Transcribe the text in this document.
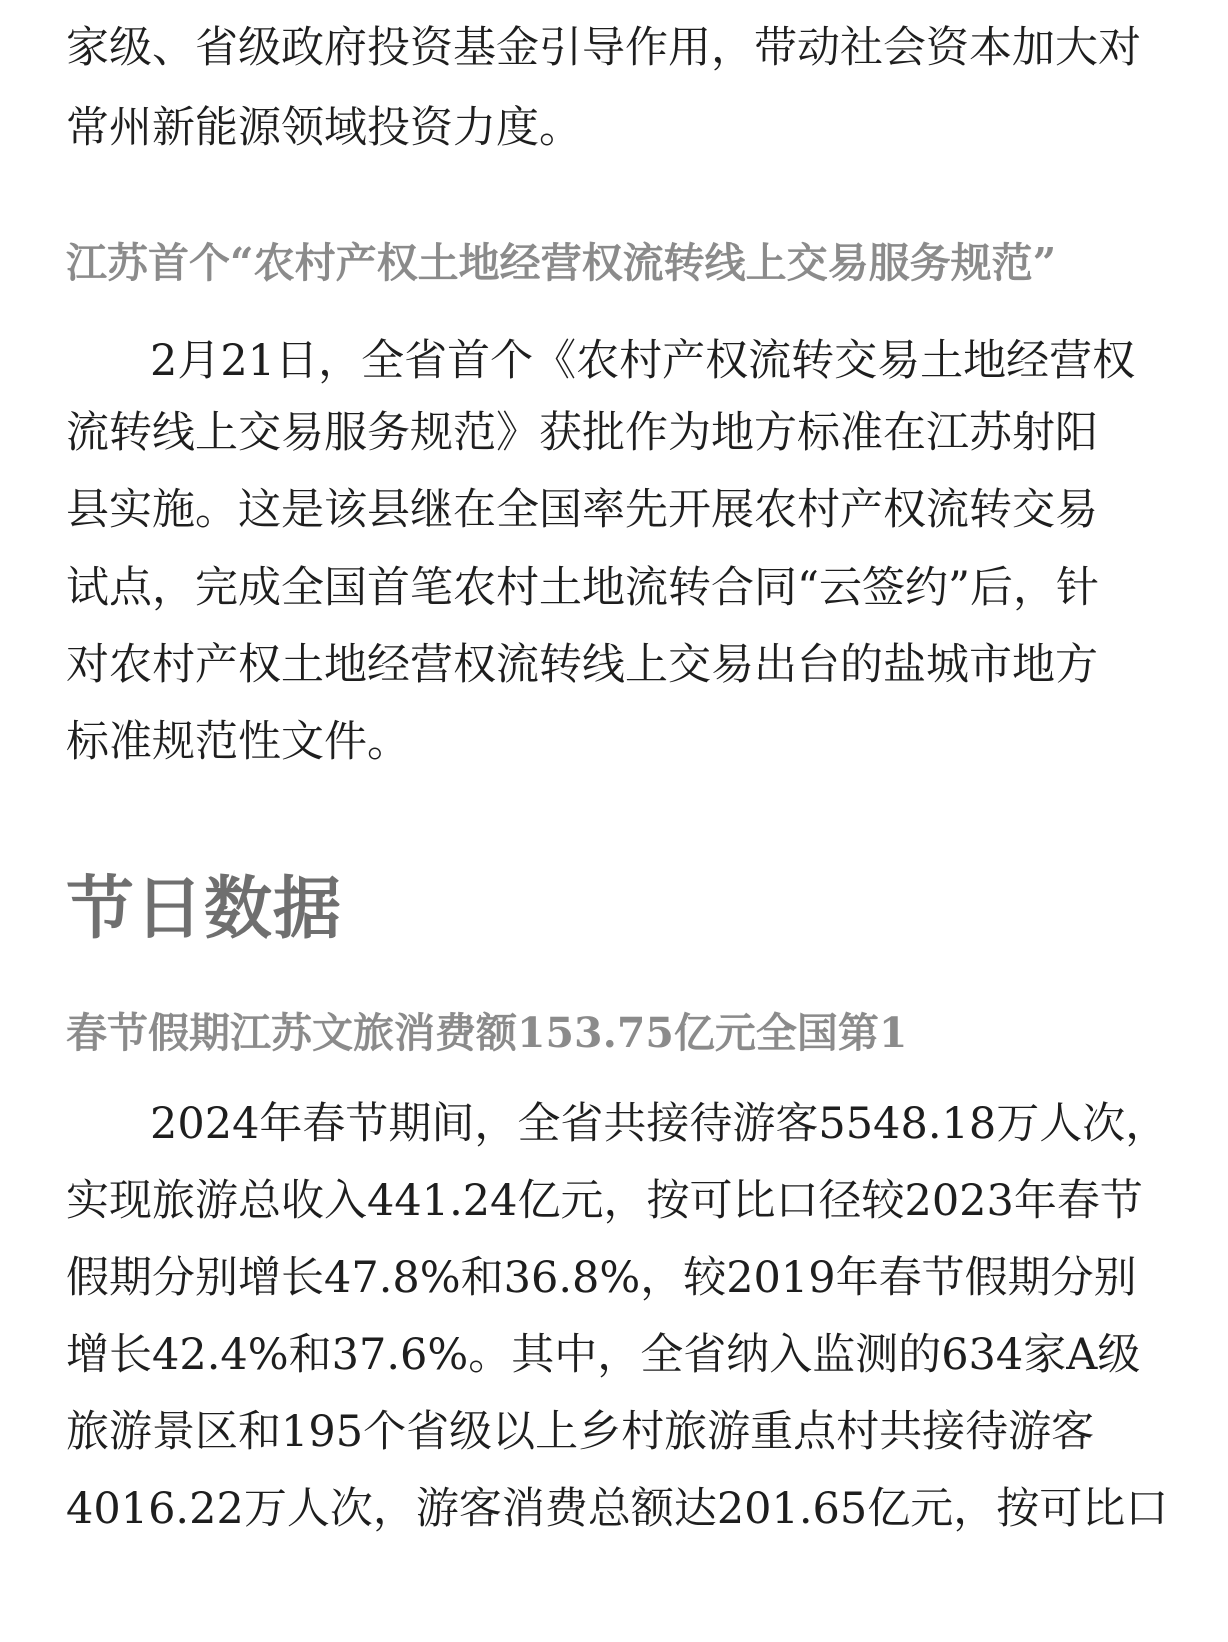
家级、省级政府投资基金引导作用，带动社会资本加大对

常州新能源领域投资力度。

江苏首个“农村产权土地经营权流转线上交易服务规范”

2月21日，全省首个《农村产权流转交易土地经营权

流转线上交易服务规范》获批作为地方标准在江苏射阳

县实施。这是该县继在全国率先开展农村产权流转交易

试点，完成全国首笔农村土地流转合同“云签约”后，针

对农村产权土地经营权流转线上交易出台的盐城市地方

标准规范性文件。

节日数据
春节假期江苏文旅消费额153.75亿元全国第1

2024年春节期间，全省共接待游客5548.18万人次，

实现旅游总收入441.24亿元，按可比口径较2023年春节

假期分别增长47.8%和36.8%，较2019年春节假期分别

增长42.4%和37.6%。其中，全省纳入监测的634家A级

旅游景区和195个省级以上乡村旅游重点村共接待游客

4016.22万人次，游客消费总额达201.65亿元，按可比口
